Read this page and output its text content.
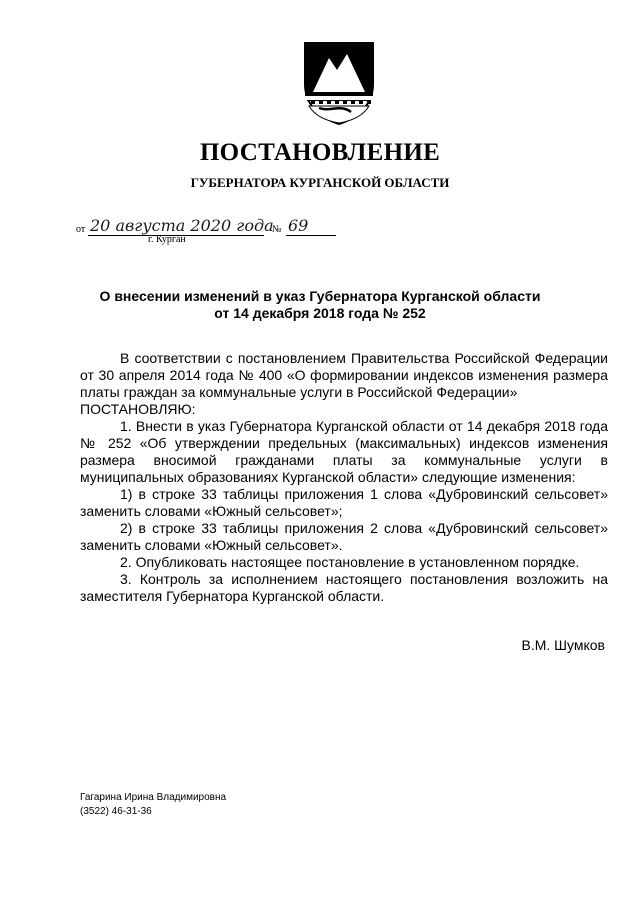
ПОСТАНОВЛЕНИЕ
ГУБЕРНАТОРА КУРГАНСКОЙ ОБЛАСТИ
от 20 августа 2020 года
№ 69
г. Курган
О внесении изменений в указ Губернатора Курганской области
от 14 декабря 2018 года № 252

В соответствии с постановлением Правительства Российской Федерации от 30 апреля 2014 года № 400 «О формировании индексов изменения размера платы граждан за коммунальные услуги в Российской Федерации»

ПОСТАНОВЛЯЮ:

1. Внести в указ Губернатора Курганской области от 14 декабря 2018 года № 252 «Об утверждении предельных (максимальных) индексов изменения размера вносимой гражданами платы за коммунальные услуги в муниципальных образованиях Курганской области» следующие изменения:

1) в строке 33 таблицы приложения 1 слова «Дубровинский сельсовет» заменить словами «Южный сельсовет»;

2) в строке 33 таблицы приложения 2 слова «Дубровинский сельсовет» заменить словами «Южный сельсовет».

2. Опубликовать настоящее постановление в установленном порядке.

3. Контроль за исполнением настоящего постановления возложить на заместителя Губернатора Курганской области.

В.М. Шумков
Гагарина Ирина Владимировна
(3522) 46-31-36
